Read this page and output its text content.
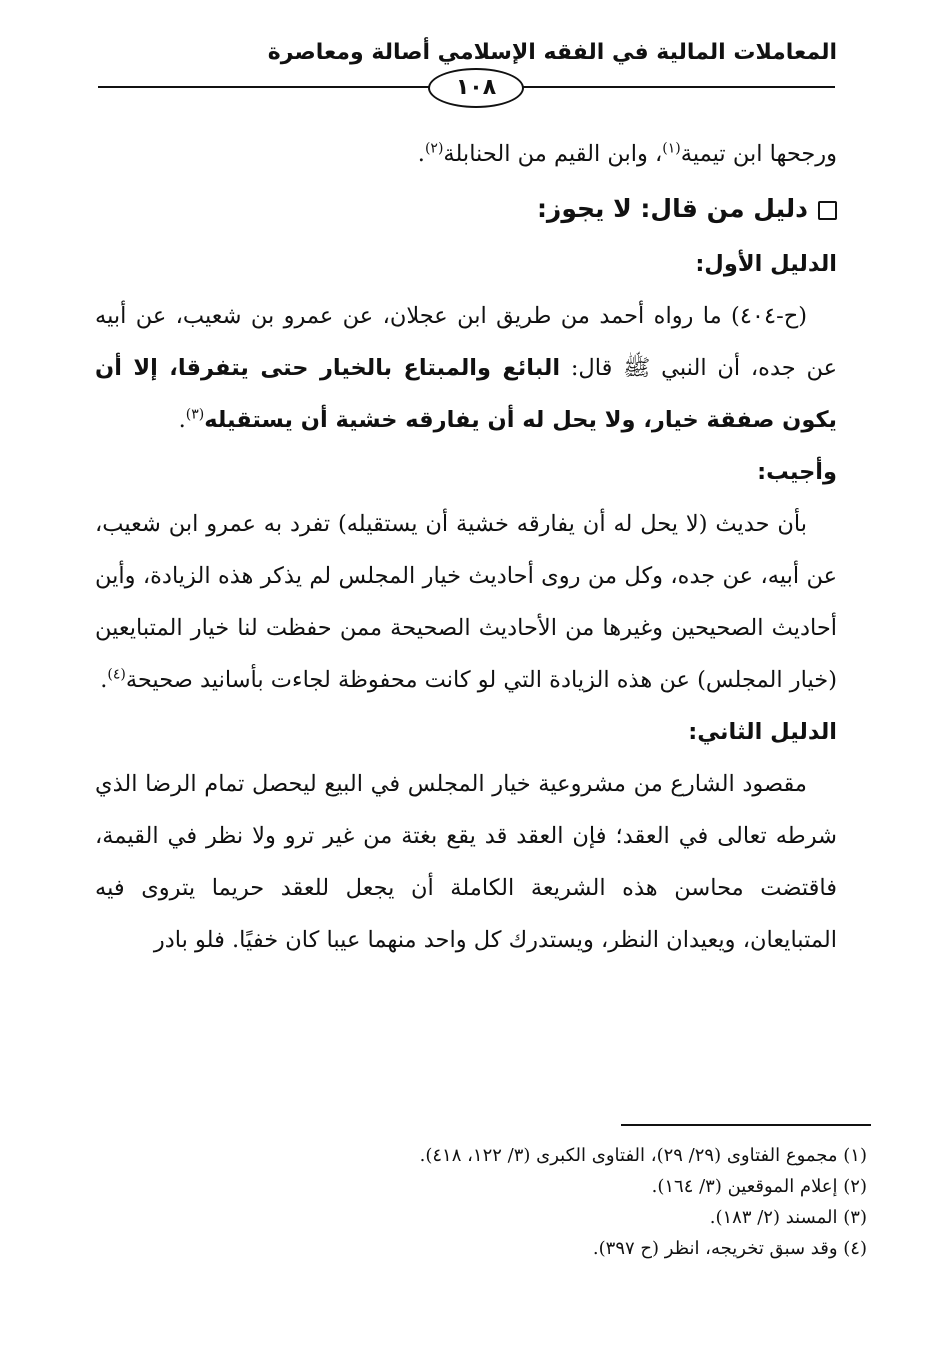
المعاملات المالية في الفقه الإسلامي أصالة ومعاصرة
١٠٨

ورجحها ابن تيمية$^{(١)}$، وابن القيم من الحنابلة$^{(٢)}$.

دليل من قال: لا يجوز:

الدليل الأول:

(ح-٤٠٤) ما رواه أحمد من طريق ابن عجلان، عن عمرو بن شعيب، عن أبيه عن جده، أن النبي ﷺ قال: البائع والمبتاع بالخيار حتى يتفرقا، إلا أن يكون صفقة خيار، ولا يحل له أن يفارقه خشية أن يستقيله$^{(٣)}$.

وأجيب:

بأن حديث (لا يحل له أن يفارقه خشية أن يستقيله) تفرد به عمرو ابن شعيب، عن أبيه، عن جده، وكل من روى أحاديث خيار المجلس لم يذكر هذه الزيادة، وأين أحاديث الصحيحين وغيرها من الأحاديث الصحيحة ممن حفظت لنا خيار المتبايعين (خيار المجلس) عن هذه الزيادة التي لو كانت محفوظة لجاءت بأسانيد صحيحة$^{(٤)}$.

الدليل الثاني:

مقصود الشارع من مشروعية خيار المجلس في البيع ليحصل تمام الرضا الذي شرطه تعالى في العقد؛ فإن العقد قد يقع بغتة من غير ترو ولا نظر في القيمة، فاقتضت محاسن هذه الشريعة الكاملة أن يجعل للعقد حريما يتروى فيه المتبايعان، ويعيدان النظر، ويستدرك كل واحد منهما عيبا كان خفيًا. فلو بادر

(١) مجموع الفتاوى (٢٩/ ٢٩)، الفتاوى الكبرى (٣/ ١٢٢، ٤١٨).
(٢) إعلام الموقعين (٣/ ١٦٤).
(٣) المسند (٢/ ١٨٣).
(٤) وقد سبق تخريجه، انظر (ح ٣٩٧).
